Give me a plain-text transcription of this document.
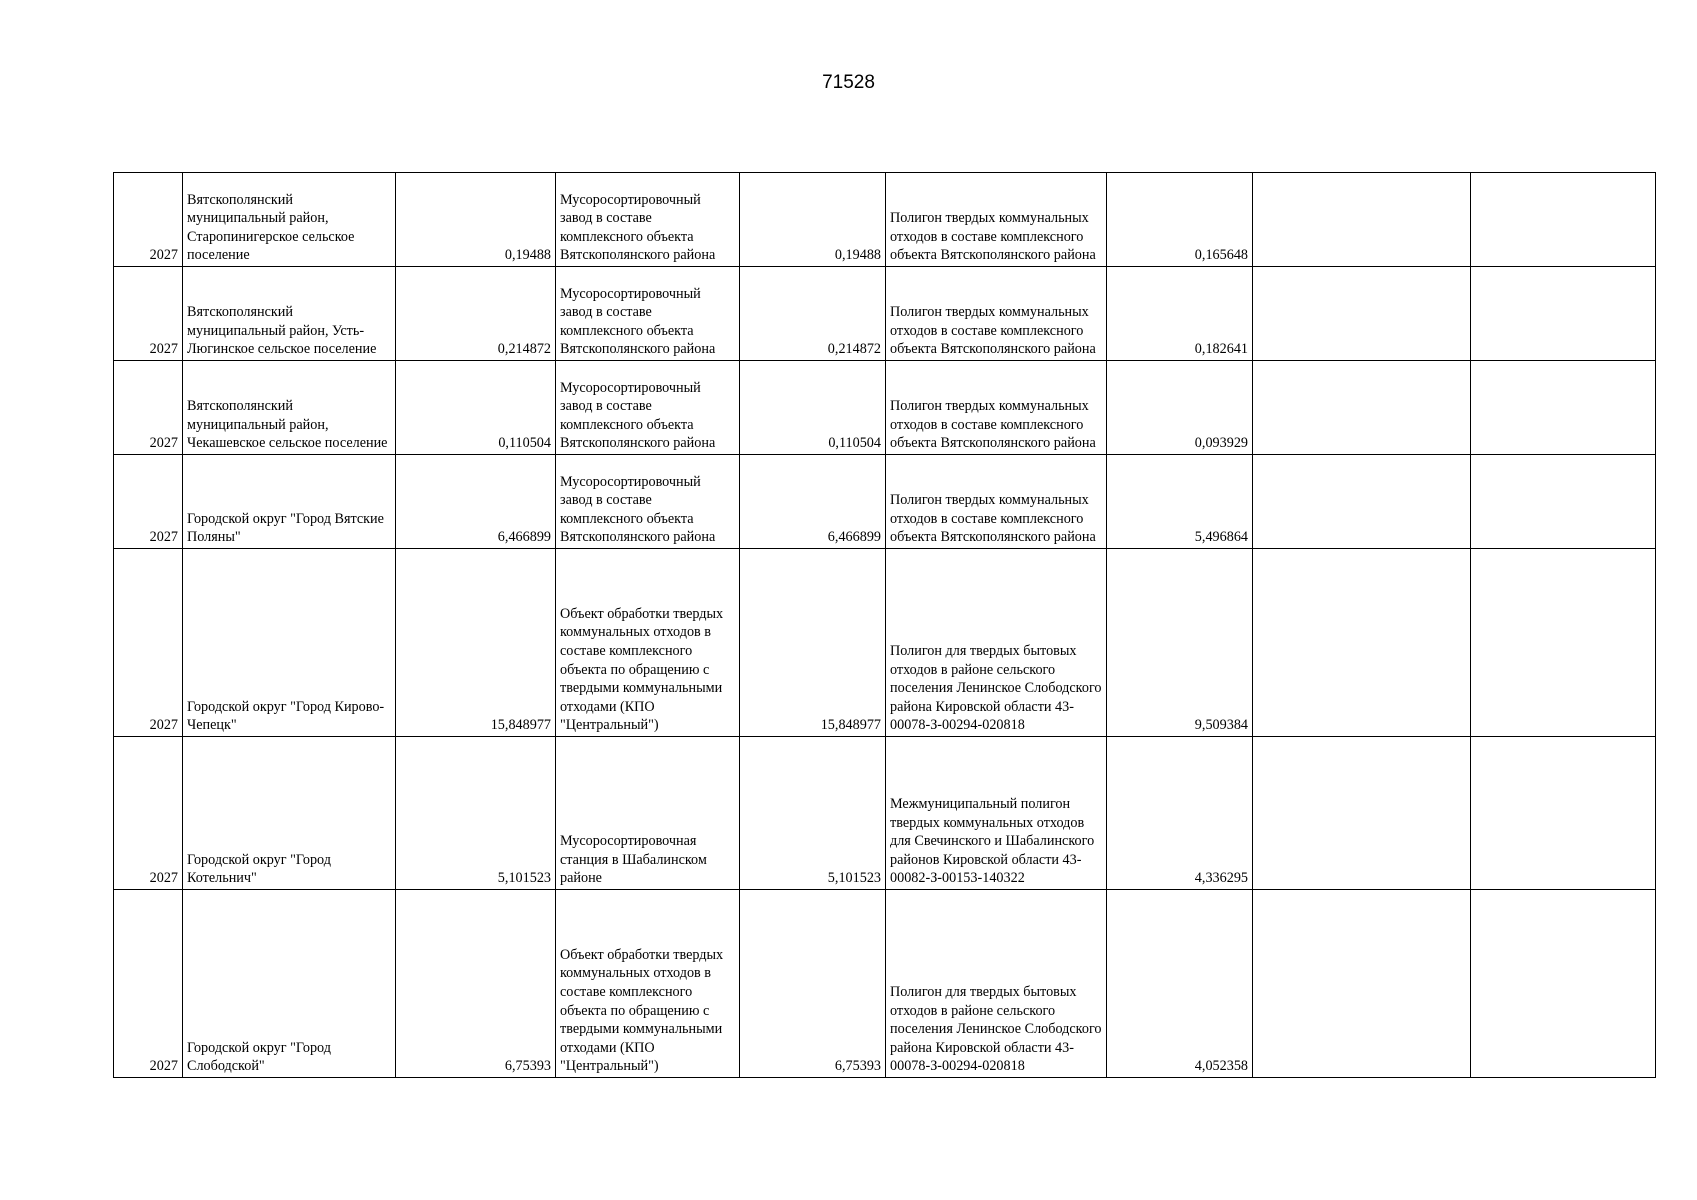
71528
2027	Вятскополянский муниципальный район, Старопинигерское сельское поселение	0,19488	Мусоросортировочный завод в составе комплексного объекта Вятскополянского района	0,19488	Полигон твердых коммунальных отходов в составе комплексного объекта Вятскополянского района	0,165648		
2027	Вятскополянский муниципальный район, Усть-Люгинское сельское поселение	0,214872	Мусоросортировочный завод в составе комплексного объекта Вятскополянского района	0,214872	Полигон твердых коммунальных отходов в составе комплексного объекта Вятскополянского района	0,182641		
2027	Вятскополянский муниципальный район, Чекашевское сельское поселение	0,110504	Мусоросортировочный завод в составе комплексного объекта Вятскополянского района	0,110504	Полигон твердых коммунальных отходов в составе комплексного объекта Вятскополянского района	0,093929		
2027	Городской округ "Город Вятские Поляны"	6,466899	Мусоросортировочный завод в составе комплексного объекта Вятскополянского района	6,466899	Полигон твердых коммунальных отходов в составе комплексного объекта Вятскополянского района	5,496864		
2027	Городской округ "Город Кирово-Чепецк"	15,848977	Объект обработки твердых коммунальных отходов в составе комплексного объекта по обращению с твердыми коммунальными отходами (КПО "Центральный")	15,848977	Полигон для твердых бытовых отходов в районе сельского поселения Ленинское Слободского района Кировской области 43-00078-З-00294-020818	9,509384		
2027	Городской округ "Город Котельнич"	5,101523	Мусоросортировочная станция в Шабалинском районе	5,101523	Межмуниципальный полигон твердых коммунальных отходов для Свечинского и Шабалинского районов Кировской области 43-00082-З-00153-140322	4,336295		
2027	Городской округ "Город Слободской"	6,75393	Объект обработки твердых коммунальных отходов в составе комплексного объекта по обращению с твердыми коммунальными отходами (КПО "Центральный")	6,75393	Полигон для твердых бытовых отходов в районе сельского поселения Ленинское Слободского района Кировской области 43-00078-З-00294-020818	4,052358		
